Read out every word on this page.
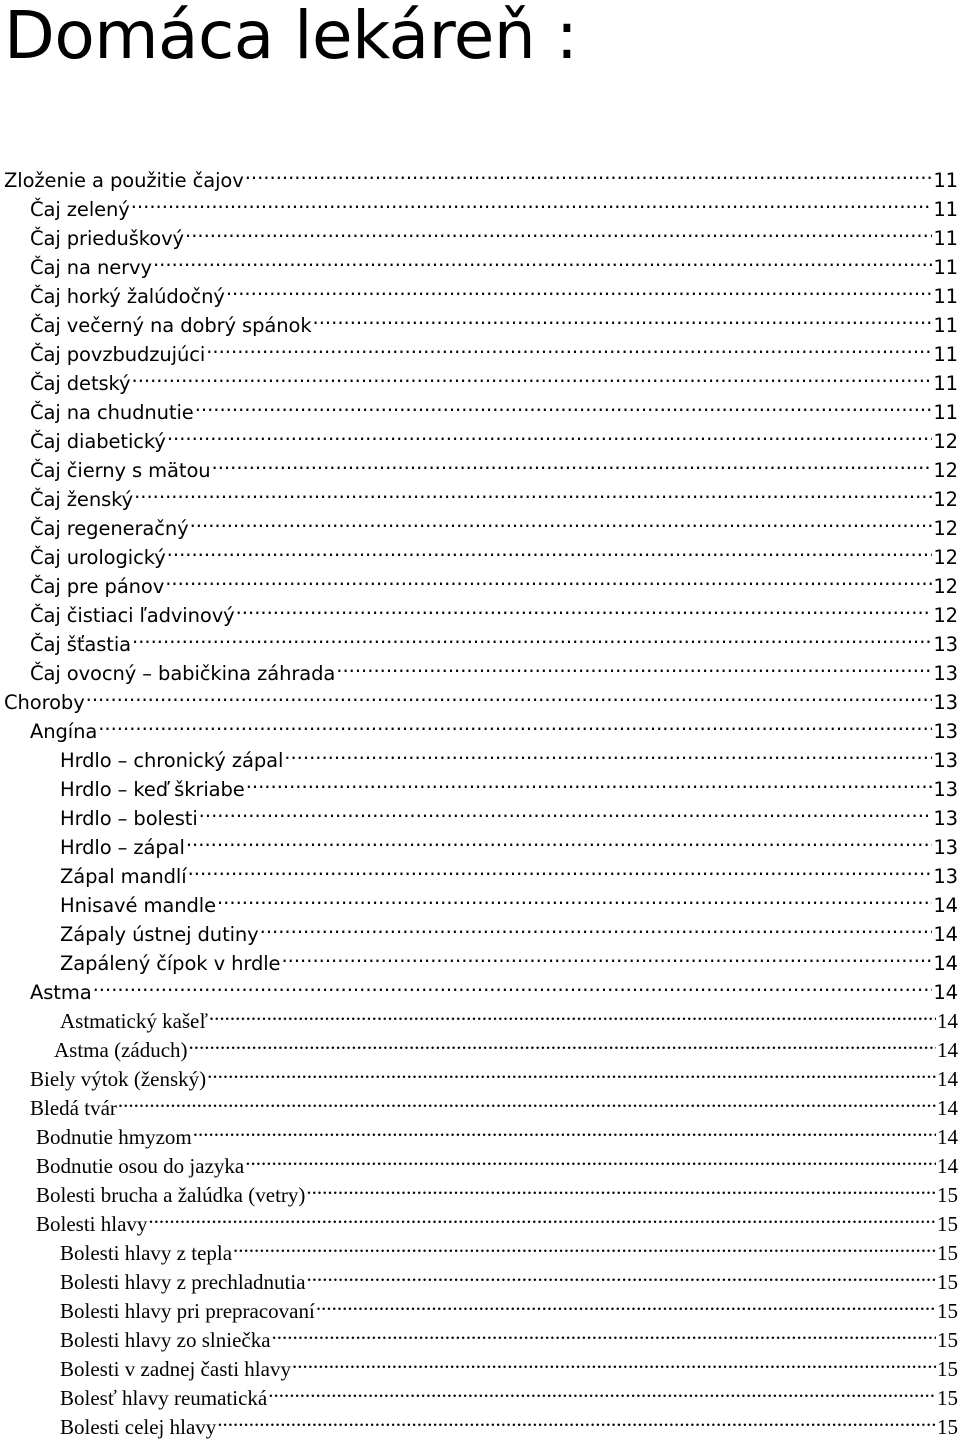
Domáca lekáreň :
Zloženie a použitie čajov .....	11
Čaj zelený .....	11
Čaj prieduškový .....	11
Čaj na nervy .....	11
Čaj horký žalúdočný .....	11
Čaj večerný na dobrý spánok .....	11
Čaj povzbudzujúci .....	11
Čaj detský .....	11
Čaj na chudnutie .....	11
Čaj diabetický .....	12
Čaj čierny s mätou .....	12
Čaj ženský .....	12
Čaj regeneračný .....	12
Čaj urologický .....	12
Čaj pre pánov .....	12
Čaj čistiaci ľadvinový .....	12
Čaj šťastia .....	13
Čaj ovocný – babičkina záhrada .....	13
Choroby .....	13
Angína .....	13
Hrdlo – chronický zápal .....	13
Hrdlo – keď škriabe .....	13
Hrdlo – bolesti .....	13
Hrdlo – zápal .....	13
Zápal mandlí .....	13
Hnisavé mandle .....	14
Zápaly ústnej dutiny .....	14
Zapálený čípok v hrdle .....	14
Astma .....	14
Astmatický kašeľ .....	14
Astma (záduch) .....	14
Biely výtok (ženský) .....	14
Bledá tvár .....	14
Bodnutie hmyzom .....	14
Bodnutie osou do jazyka .....	14
Bolesti brucha a žalúdka (vetry) .....	15
Bolesti hlavy .....	15
Bolesti hlavy z tepla .....	15
Bolesti hlavy z prechladnutia .....	15
Bolesti hlavy pri prepracovaní .....	15
Bolesti hlavy zo slniečka .....	15
Bolesti v zadnej časti hlavy .....	15
Bolesť hlavy reumatická .....	15
Bolesti celej hlavy .....	15
